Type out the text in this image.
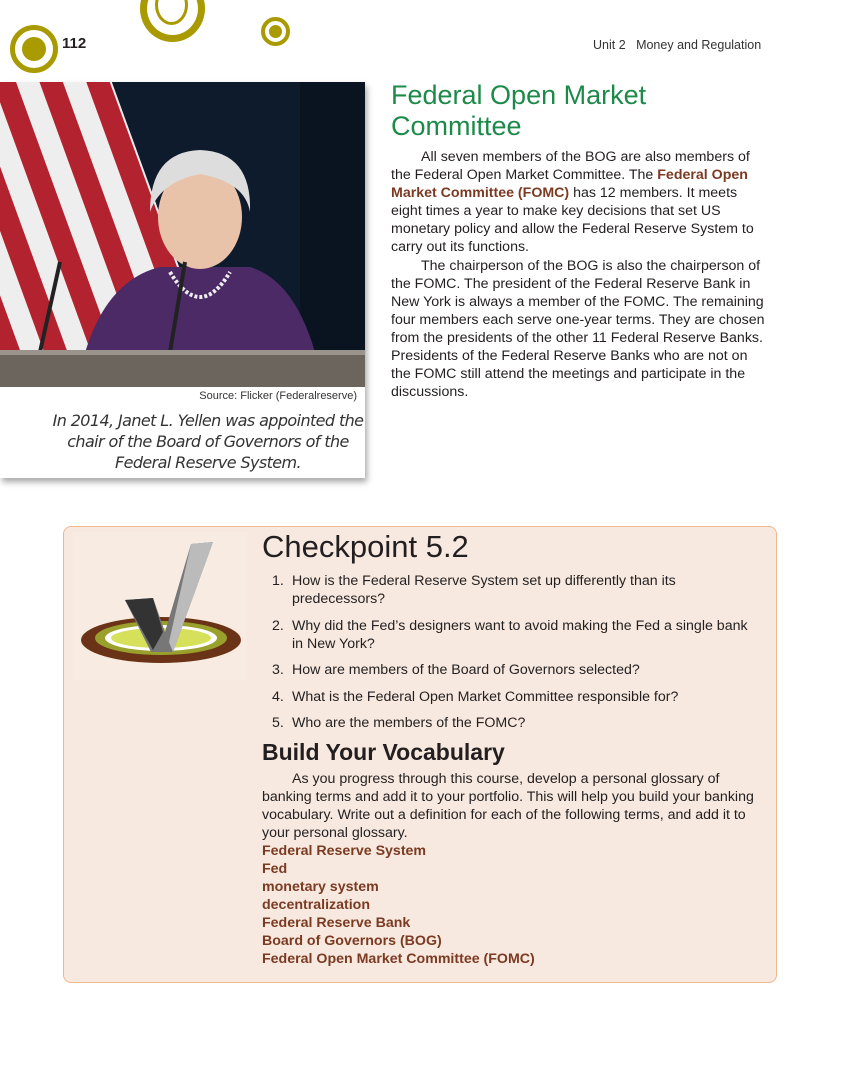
112	Unit 2   Money and Regulation
Source: Flicker (Federalreserve)
In 2014, Janet L. Yellen was appointed the chair of the Board of Governors of the Federal Reserve System.
Federal Open Market Committee

All seven members of the BOG are also members of the Federal Open Market Committee. The Federal Open Market Committee (FOMC) has 12 members. It meets eight times a year to make key decisions that set US monetary policy and allow the Federal Reserve System to carry out its functions.

The chairperson of the BOG is also the chairperson of the FOMC. The president of the Federal Reserve Bank in New York is always a member of the FOMC. The remaining four members each serve one-year terms. They are chosen from the presidents of the other 11 Federal Reserve Banks. Presidents of the Federal Reserve Banks who are not on the FOMC still attend the meetings and participate in the discussions.

Checkpoint 5.2
1. How is the Federal Reserve System set up differently than its predecessors?
2. Why did the Fed’s designers want to avoid making the Fed a single bank in New York?
3. How are members of the Board of Governors selected?
4. What is the Federal Open Market Committee responsible for?
5. Who are the members of the FOMC?
Build Your Vocabulary
As you progress through this course, develop a personal glossary of banking terms and add it to your portfolio. This will help you build your banking vocabulary. Write out a definition for each of the following terms, and add it to your personal glossary.
Federal Reserve System
Fed
monetary system
decentralization
Federal Reserve Bank
Board of Governors (BOG)
Federal Open Market Committee (FOMC)
